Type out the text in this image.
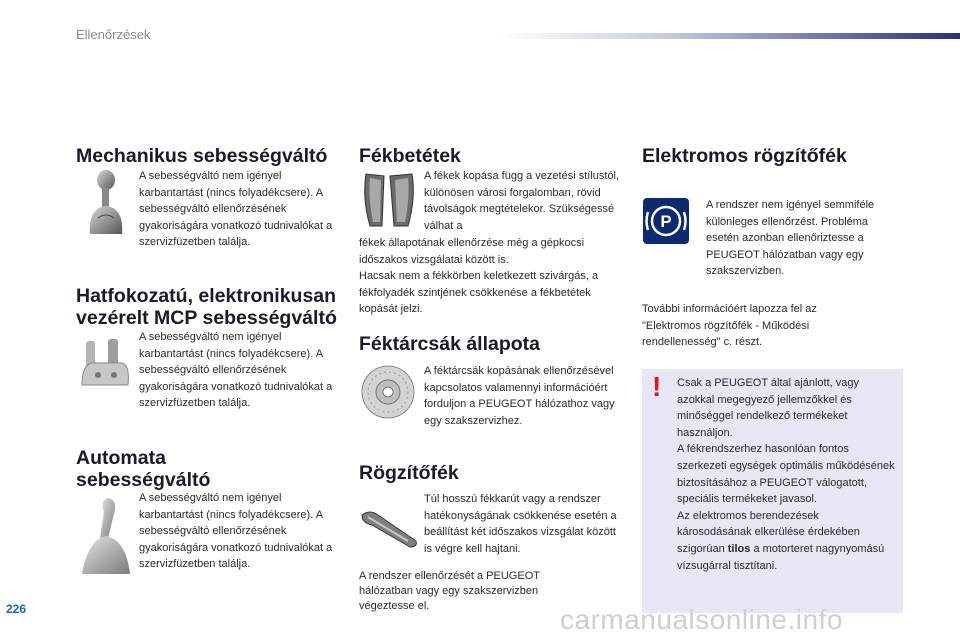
Ellenőrzések
Mechanikus sebességváltó
A sebességváltó nem igényel karbantartást (nincs folyadékcsere). A sebességváltó ellenőrzésének gyakoriságára vonatkozó tudnivalókat a szervizfüzetben találja.
Hatfokozatú, elektronikusan
vezérelt MCP sebességváltó
A sebességváltó nem igényel karbantartást (nincs folyadékcsere). A sebességváltó ellenőrzésének gyakoriságára vonatkozó tudnivalókat a szervizfüzetben találja.
Automata
sebességváltó
A sebességváltó nem igényel karbantartást (nincs folyadékcsere). A sebességváltó ellenőrzésének gyakoriságára vonatkozó tudnivalókat a szervizfüzetben találja.
Fékbetétek
A fékek kopása függ a vezetési stílustól, különösen városi forgalomban, rövid távolságok megtételekor. Szükségessé válhat a
fékek állapotának ellenőrzése még a gépkocsi időszakos vizsgálatai között is.
Hacsak nem a fékkörben keletkezett szivárgás, a fékfolyadék szintjének csökkenése a fékbetétek kopását jelzi.
Féktárcsák állapota
A féktárcsák kopásának ellenőrzésével kapcsolatos valamennyi információért forduljon a PEUGEOT hálózathoz vagy egy szakszervizhez.
Rögzítőfék
Túl hosszú fékkarút vagy a rendszer hatékonyságának csökkenése esetén a beállítást két időszakos vizsgálat között is végre kell hajtani.
A rendszer ellenőrzését a PEUGEOT hálózatban vagy egy szakszervizben végeztesse el.
Elektromos rögzítőfék
P
A rendszer nem igényel semmiféle különleges ellenőrzést. Probléma esetén azonban ellenőriztesse a PEUGEOT hálózatban vagy egy szakszervizben.
További információért lapozza fel az "Elektromos rögzítőfék - Működési rendellenesség" c. részt.
! Csak a PEUGEOT által ajánlott, vagy azokkal megegyező jellemzőkkel és minőséggel rendelkező termékeket használjon.

A fékrendszerhez hasonlóan fontos szerkezeti egységek optimális működésének biztosításához a PEUGEOT válogatott, speciális termékeket javasol.

Az elektromos berendezések károsodásának elkerülése érdekében szigorúan tilos a motorteret nagynyomású vízsugárral tisztítani.

226	carmanualsonline.info
